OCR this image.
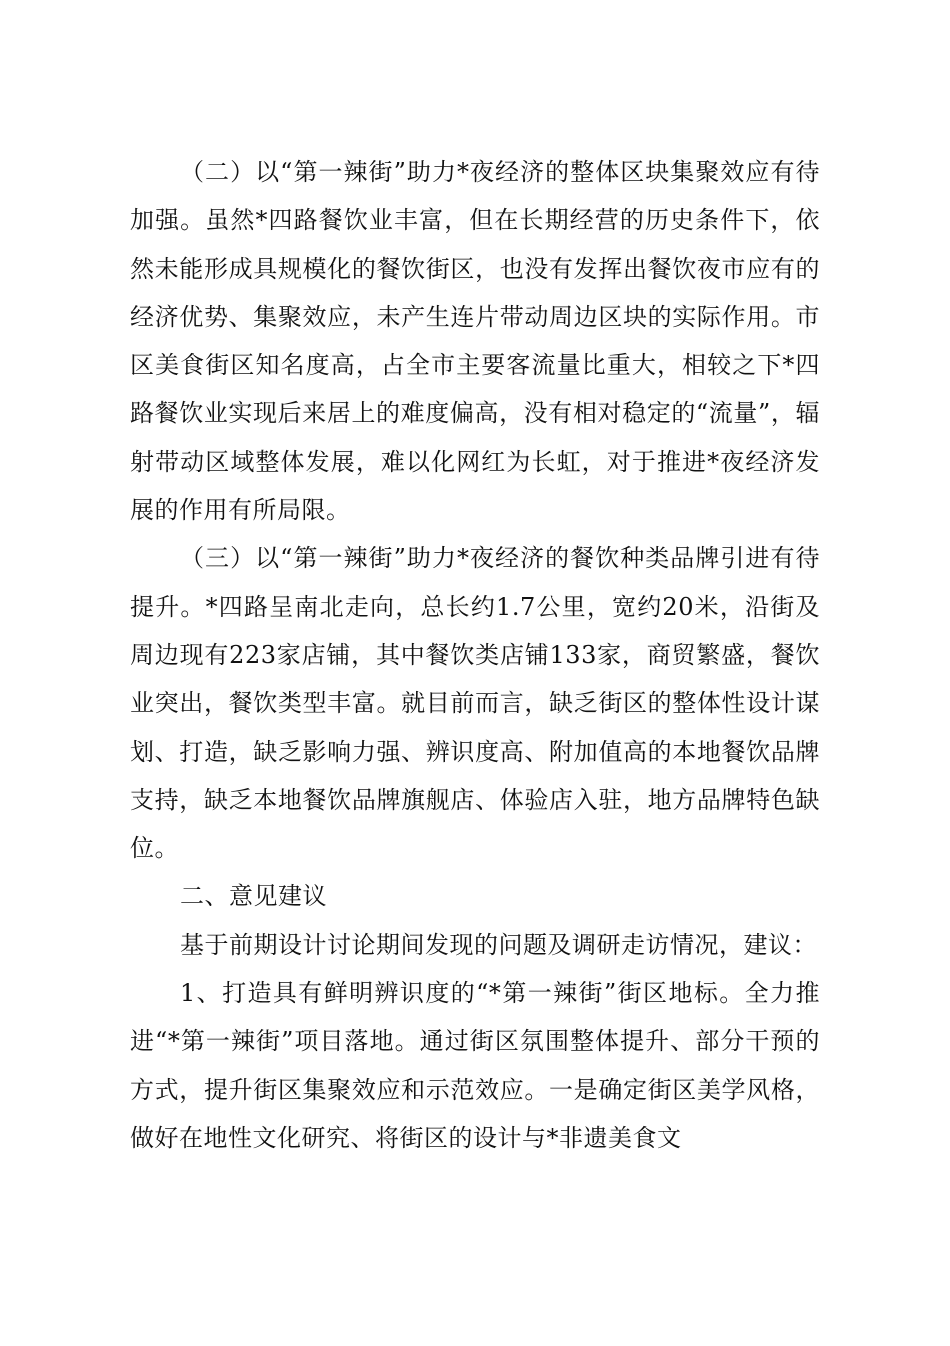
（二）以“第一辣街”助力*夜经济的整体区块集聚效应有待加强。虽然*四路餐饮业丰富，但在长期经营的历史条件下，依然未能形成具规模化的餐饮街区，也没有发挥出餐饮夜市应有的经济优势、集聚效应，未产生连片带动周边区块的实际作用。市区美食街区知名度高，占全市主要客流量比重大，相较之下*四路餐饮业实现后来居上的难度偏高，没有相对稳定的“流量”，辐射带动区域整体发展，难以化网红为长虹，对于推进*夜经济发展的作用有所局限。

（三）以“第一辣街”助力*夜经济的餐饮种类品牌引进有待提升。*四路呈南北走向，总长约1.7公里，宽约20米，沿街及周边现有223家店铺，其中餐饮类店铺133家，商贸繁盛，餐饮业突出，餐饮类型丰富。就目前而言，缺乏街区的整体性设计谋划、打造，缺乏影响力强、辨识度高、附加值高的本地餐饮品牌支持，缺乏本地餐饮品牌旗舰店、体验店入驻，地方品牌特色缺位。

二、意见建议

基于前期设计讨论期间发现的问题及调研走访情况，建议：

1、打造具有鲜明辨识度的“*第一辣街”街区地标。全力推进“*第一辣街”项目落地。通过街区氛围整体提升、部分干预的方式，提升街区集聚效应和示范效应。一是确定街区美学风格，做好在地性文化研究、将街区的设计与*非遗美食文
